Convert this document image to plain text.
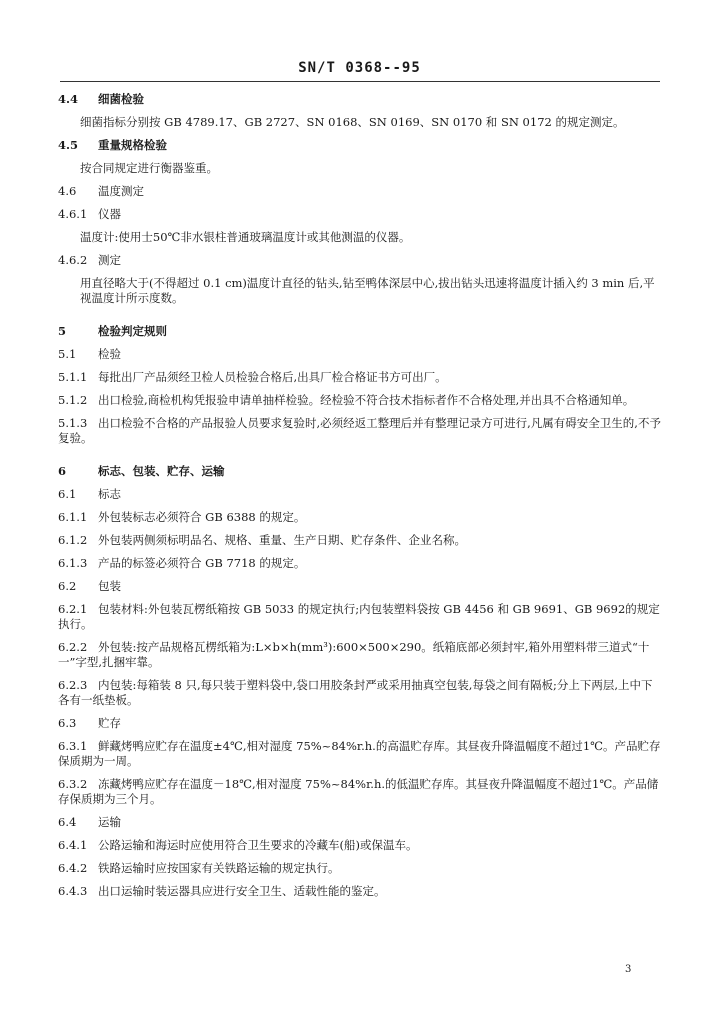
SN/T 0368--95
4.4 细菌检验
细菌指标分别按 GB 4789.17、GB 2727、SN 0168、SN 0169、SN 0170 和 SN 0172 的规定测定。
4.5 重量规格检验
按合同规定进行衡器鉴重。
4.6 温度测定
4.6.1 仪器
温度计:使用士50℃非水银柱普通玻璃温度计或其他测温的仪器。
4.6.2 测定
用直径略大于(不得超过 0.1 cm)温度计直径的钻头,钻至鸭体深层中心,拔出钻头迅速将温度计插入约 3 min 后,平视温度计所示度数。
5	检验判定规则
5.1 检验
5.1.1 每批出厂产品须经卫检人员检验合格后,出具厂检合格证书方可出厂。
5.1.2 出口检验,商检机构凭报验申请单抽样检验。经检验不符合技术指标者作不合格处理,并出具不合格通知单。
5.1.3 出口检验不合格的产品报验人员要求复验时,必须经返工整理后并有整理记录方可进行,凡属有碍安全卫生的,不予复验。
6	标志、包装、贮存、运输
6.1 标志
6.1.1 外包装标志必须符合 GB 6388 的规定。
6.1.2 外包装两侧须标明品名、规格、重量、生产日期、贮存条件、企业名称。
6.1.3 产品的标签必须符合 GB 7718 的规定。
6.2 包装
6.2.1 包装材料:外包装瓦楞纸箱按 GB 5033 的规定执行;内包装塑料袋按 GB 4456 和 GB 9691、GB 9692的规定执行。
6.2.2 外包装:按产品规格瓦楞纸箱为:L×b×h(mm³):600×500×290。纸箱底部必须封牢,箱外用塑料带三道式“十一”字型,扎捆牢靠。
6.2.3 内包装:每箱装 8 只,每只装于塑料袋中,袋口用胶条封严或采用抽真空包装,每袋之间有隔板;分上下两层,上中下各有一纸垫板。
6.3 贮存
6.3.1 鲜藏烤鸭应贮存在温度±4℃,相对湿度 75%~84%r.h.的高温贮存库。其昼夜升降温幅度不超过1℃。产品贮存保质期为一周。
6.3.2 冻藏烤鸭应贮存在温度－18℃,相对湿度 75%~84%r.h.的低温贮存库。其昼夜升降温幅度不超过1℃。产品储存保质期为三个月。
6.4 运输
6.4.1 公路运输和海运时应使用符合卫生要求的冷藏车(船)或保温车。
6.4.2 铁路运输时应按国家有关铁路运输的规定执行。
6.4.3 出口运输时装运器具应进行安全卫生、适载性能的鉴定。
3
